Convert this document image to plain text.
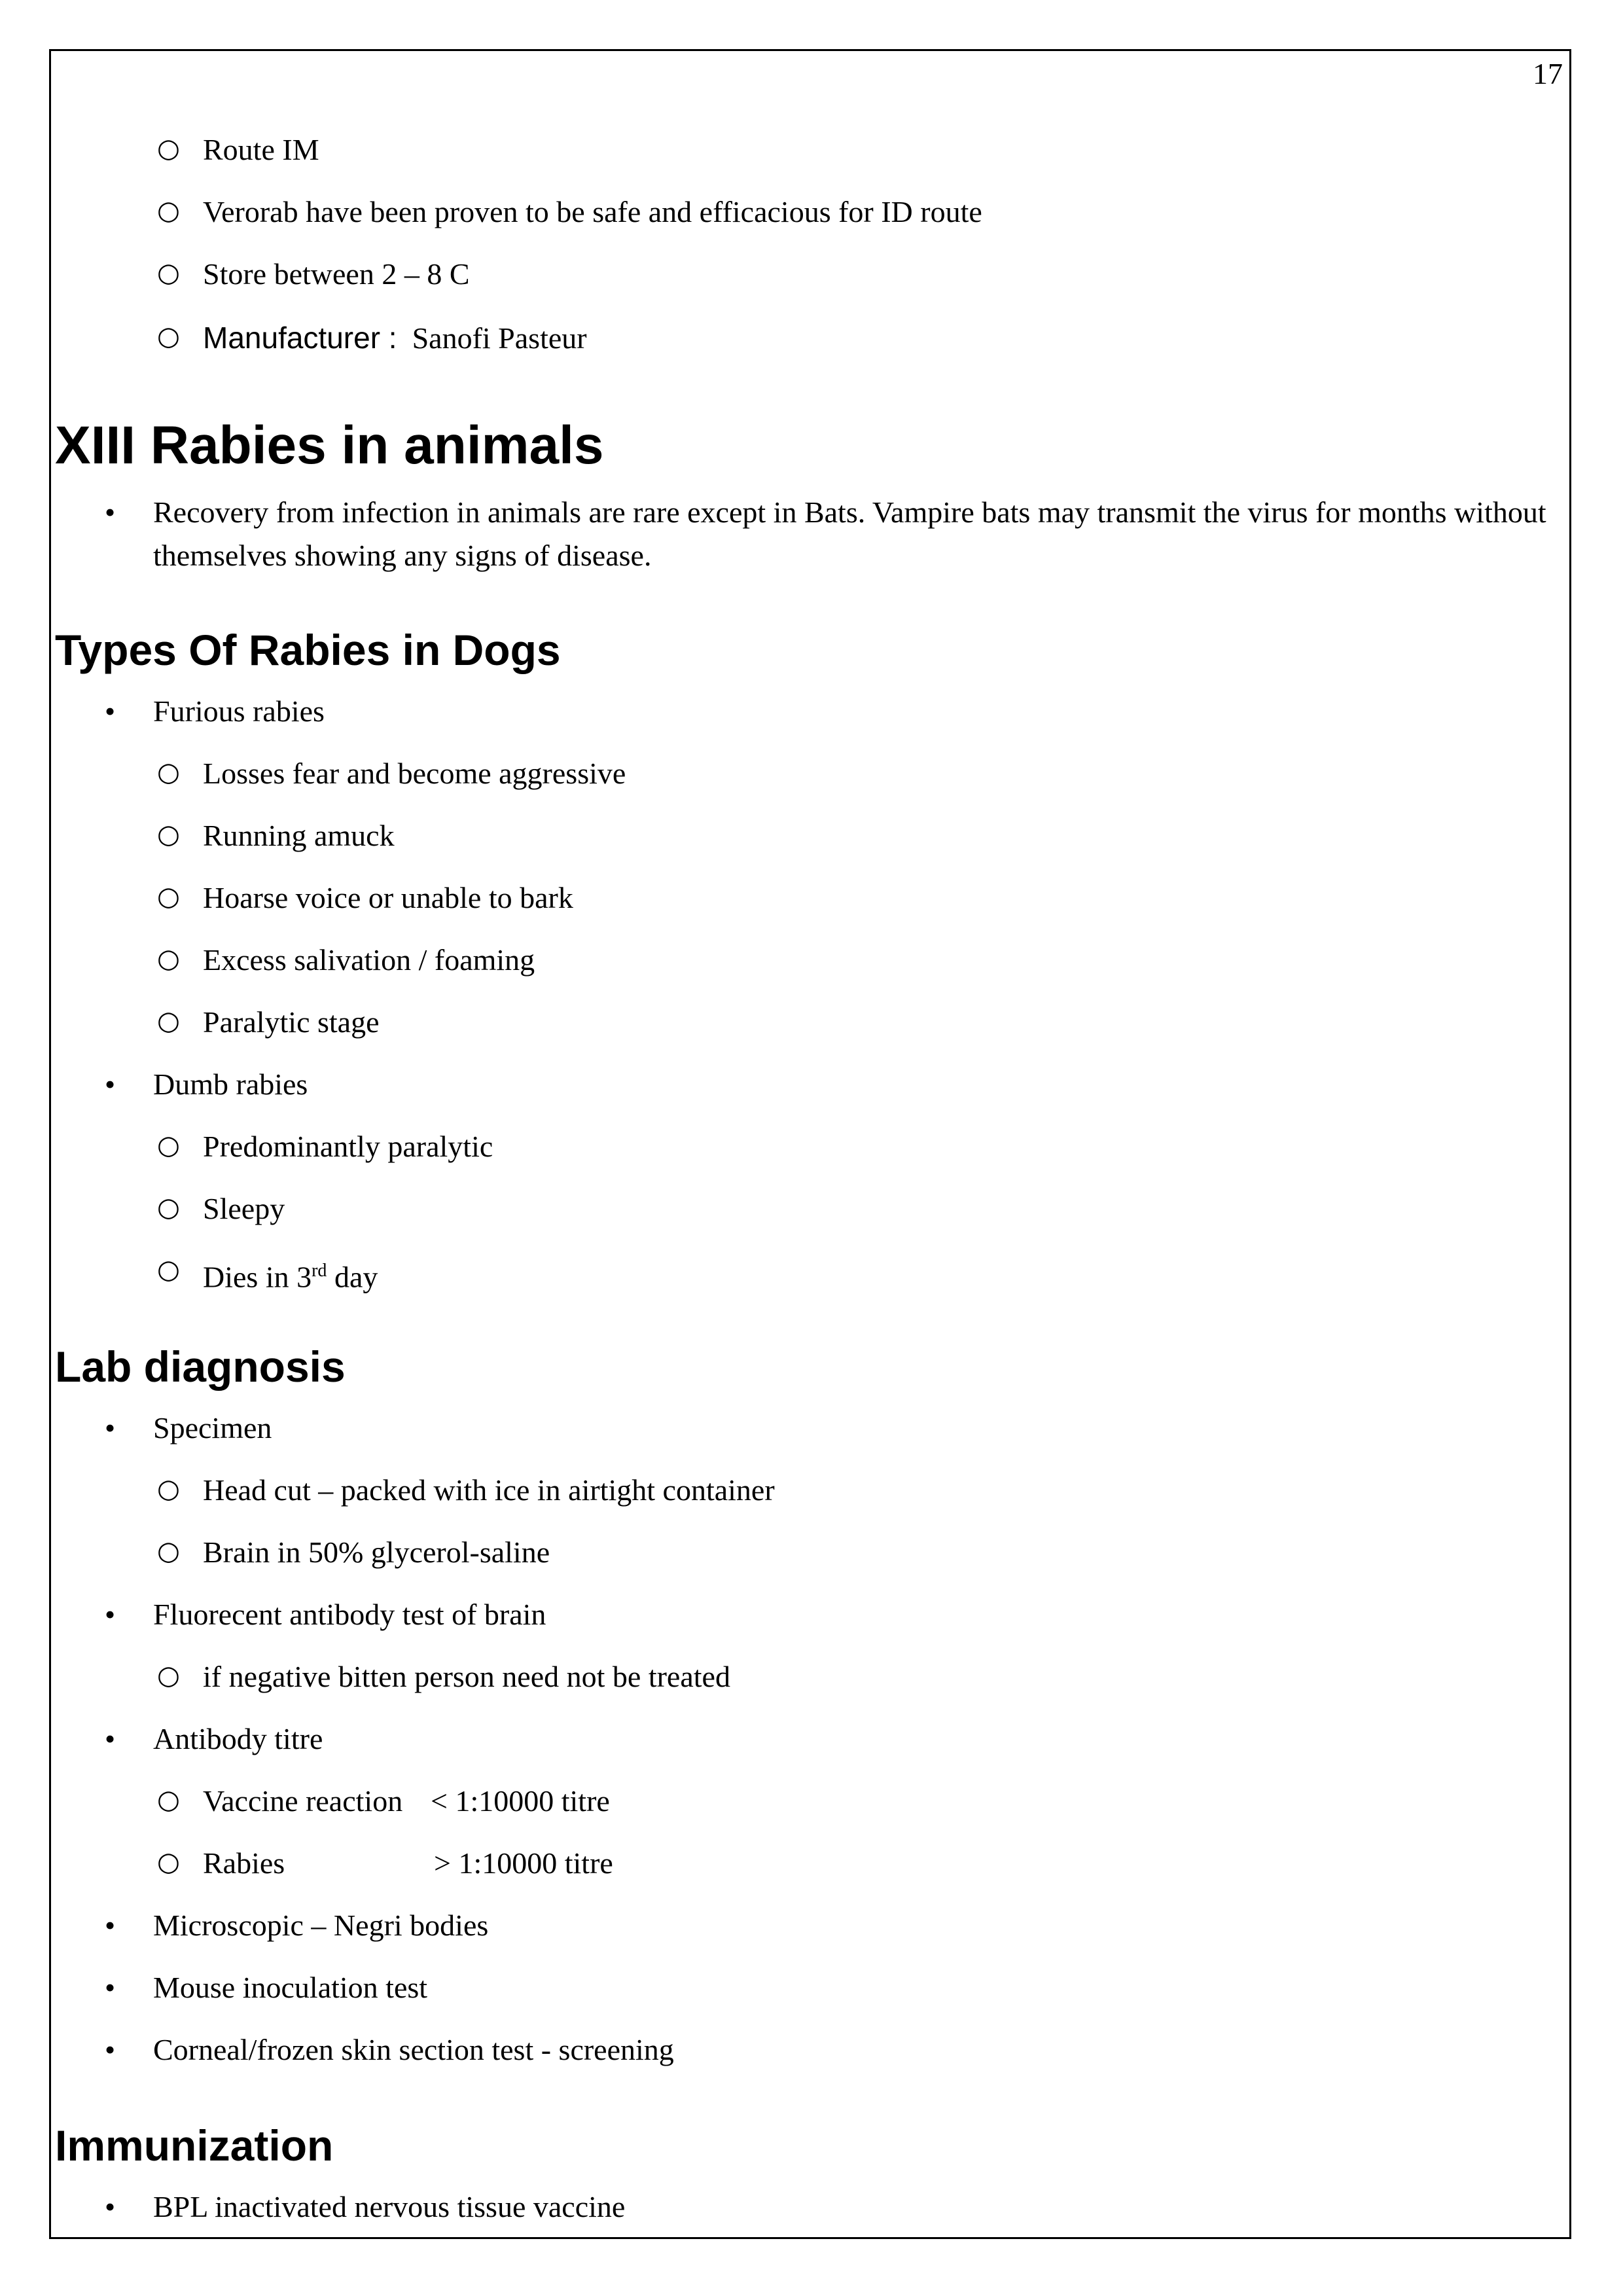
17
○ Route IM
○ Verorab have been proven to be safe and efficacious for ID route
○ Store between 2 – 8 C
○ Manufacturer : Sanofi Pasteur
XIII Rabies in animals
• Recovery from infection in animals are rare except in Bats. Vampire bats may transmit the virus for months without themselves showing any signs of disease.
Types Of Rabies in Dogs
• Furious rabies
○ Losses fear and become aggressive
○ Running amuck
○ Hoarse voice or unable to bark
○ Excess salivation / foaming
○ Paralytic stage
• Dumb rabies
○ Predominantly paralytic
○ Sleepy
○ Dies in 3rd day
Lab diagnosis
• Specimen
○ Head cut – packed with ice in airtight container
○ Brain in 50% glycerol-saline
• Fluorecent antibody test of brain
○ if negative bitten person need not be treated
• Antibody titre
○ Vaccine reaction < 1:10000 titre
○ Rabies	> 1:10000 titre
• Microscopic – Negri bodies
• Mouse inoculation test
• Corneal/frozen skin section test - screening
Immunization
• BPL inactivated nervous tissue vaccine
